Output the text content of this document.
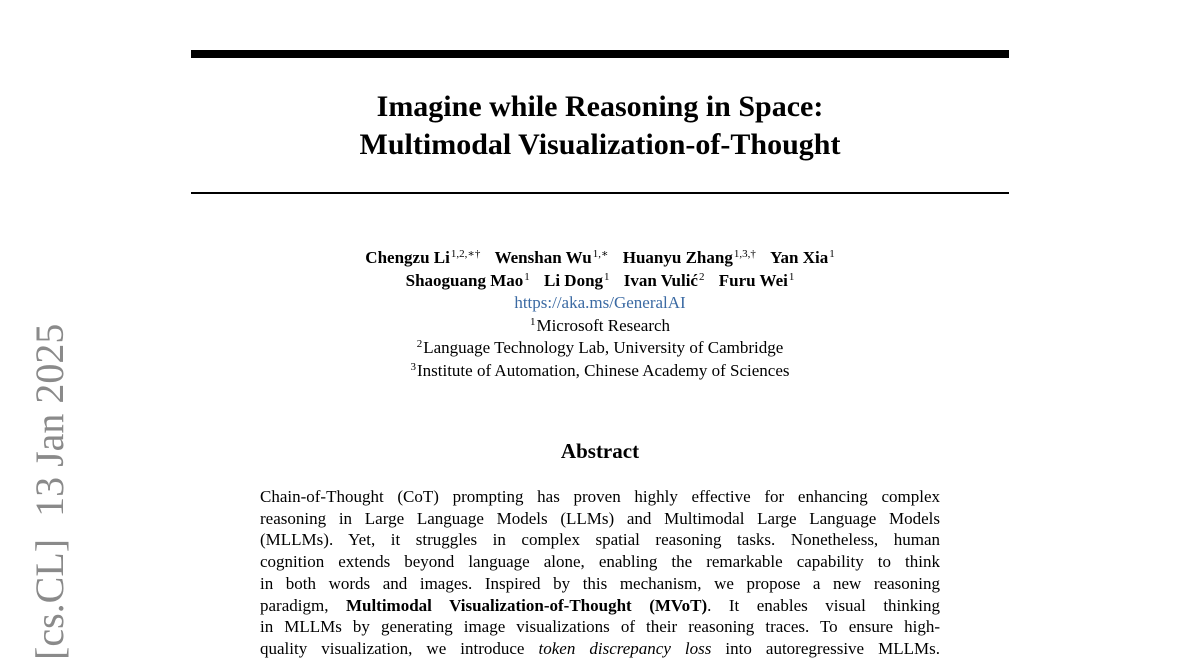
Imagine while Reasoning in Space:
Multimodal Visualization-of-Thought
Chengzu $Li^{1,2,∗\dagger}$ Wenshan $Wu^{1,∗}$ Huanyu Zhang$^{1,3,\dagger}$ Yan Xia$^1$
Shaoguang Mao$^1$ Li Dong$^1$ Ivan Vulić$^2$ Furu Wei$^1$
https://aka.ms/GeneralAI
$^1$Microsoft Research
$^2$Language Technology Lab, University of Cambridge
$^3$Institute of Automation, Chinese Academy of Sciences
Abstract
Chain-of-Thought (CoT) prompting has proven highly effective for enhancing complex
reasoning in Large Language Models (LLMs) and Multimodal Large Language Models
(MLLMs). Yet, it struggles in complex spatial reasoning tasks. Nonetheless, human
cognition extends beyond language alone, enabling the remarkable capability to think
in both words and images. Inspired by this mechanism, we propose a new reasoning
paradigm, Multimodal Visualization-of-Thought (MVoT). It enables visual thinking
in MLLMs by generating image visualizations of their reasoning traces. To ensure high-
quality visualization, we introduce token discrepancy loss into autoregressive MLLMs.
[cs.CL]13 Jan 2025
